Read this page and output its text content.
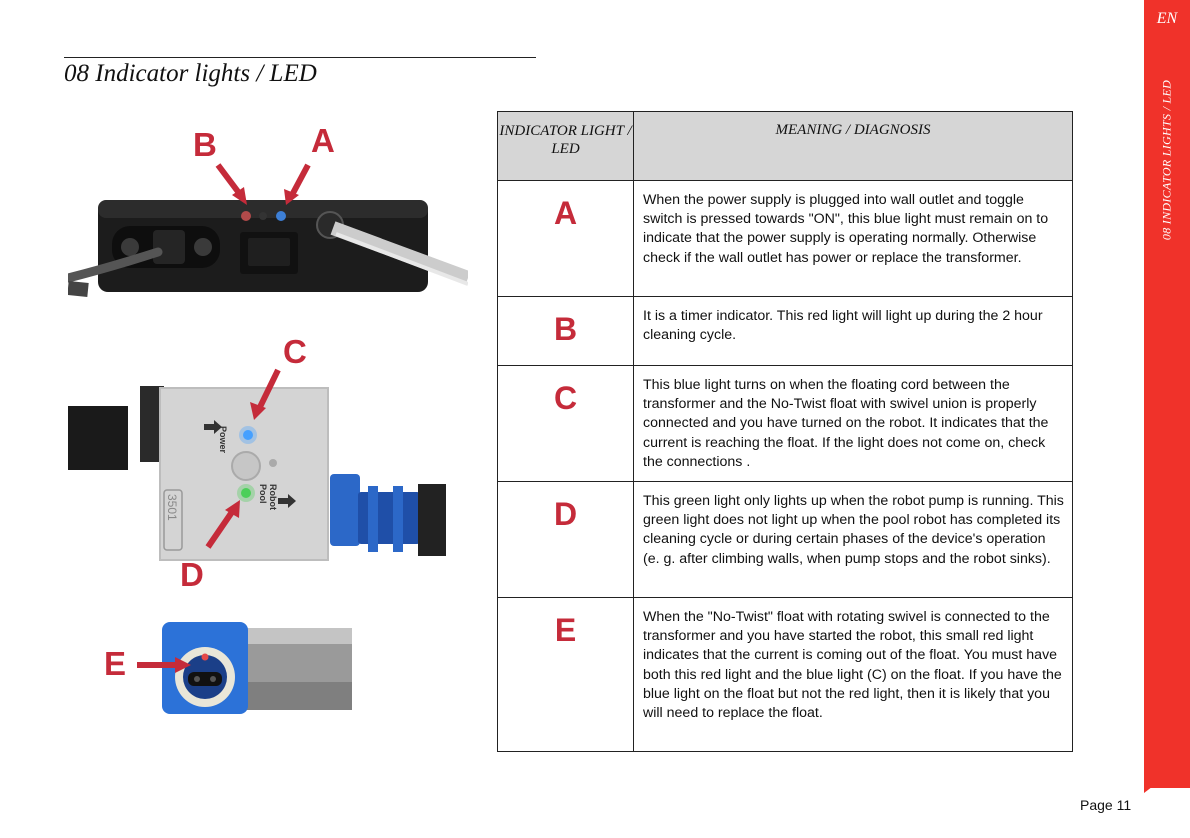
08 Indicator lights / LED
EN
08 INDICATOR LIGHTS / LED
B	A
Power
Pool Robot
3501
C
D
E
INDICATOR LIGHT / LED	MEANING / DIAGNOSIS

A	When the power supply is plugged into wall outlet and toggle switch is pressed towards "ON", this blue light must remain on to indicate that the power supply is operating normally. Otherwise check if the wall outlet has power or replace the transformer.

B	It is a timer indicator. This red light will light up during the 2 hour cleaning cycle.

C	This blue light turns on when the floating cord between the transformer and the No-Twist float with swivel union is properly connected and you have turned on the robot. It indicates that the current is reaching the float. If the light does not come on, check the connections .

D	This green light only lights up when the robot pump is running. This green light does not light up when the pool robot has completed its cleaning cycle or during certain phases of the device's operation (e. g. after climbing walls, when pump stops and the robot sinks).

E	When the "No-Twist" float with rotating swivel is connected to the transformer and you have started the robot, this small red light indicates that the current is coming out of the float. You must have both this red light and the blue light (C) on the float. If you have the blue light on the float but not the red light, then it is likely that you will need to replace the float.
Page 11
